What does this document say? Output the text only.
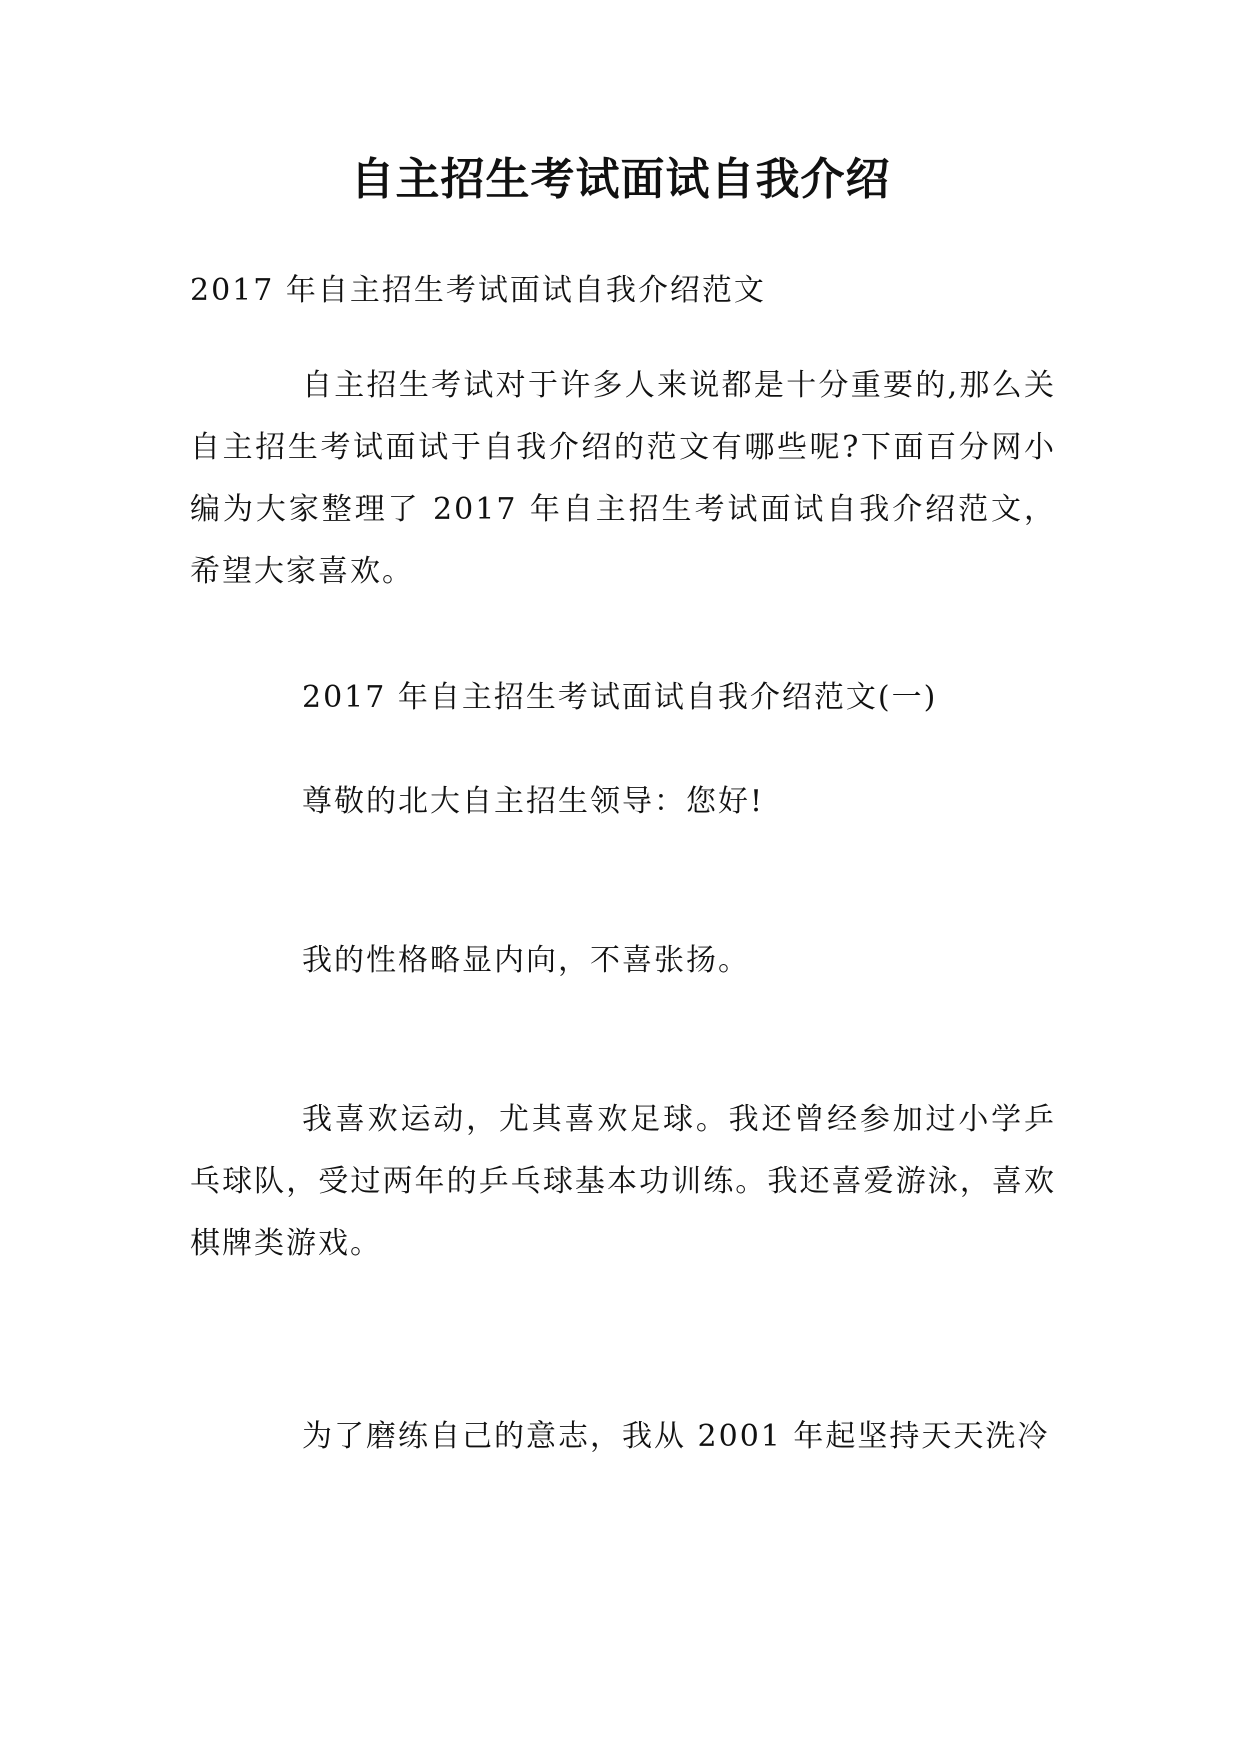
自主招生考试面试自我介绍
2017 年自主招生考试面试自我介绍范文
自主招生考试对于许多人来说都是十分重要的,那么关自主招生考试面试于自我介绍的范文有哪些呢?下面百分网小编为大家整理了 2017 年自主招生考试面试自我介绍范文，希望大家喜欢。
2017 年自主招生考试面试自我介绍范文(一)
尊敬的北大自主招生领导：您好!
我的性格略显内向，不喜张扬。
我喜欢运动，尤其喜欢足球。我还曾经参加过小学乒乓球队，受过两年的乒乓球基本功训练。我还喜爱游泳，喜欢棋牌类游戏。
为了磨练自己的意志，我从 2001 年起坚持天天洗冷
